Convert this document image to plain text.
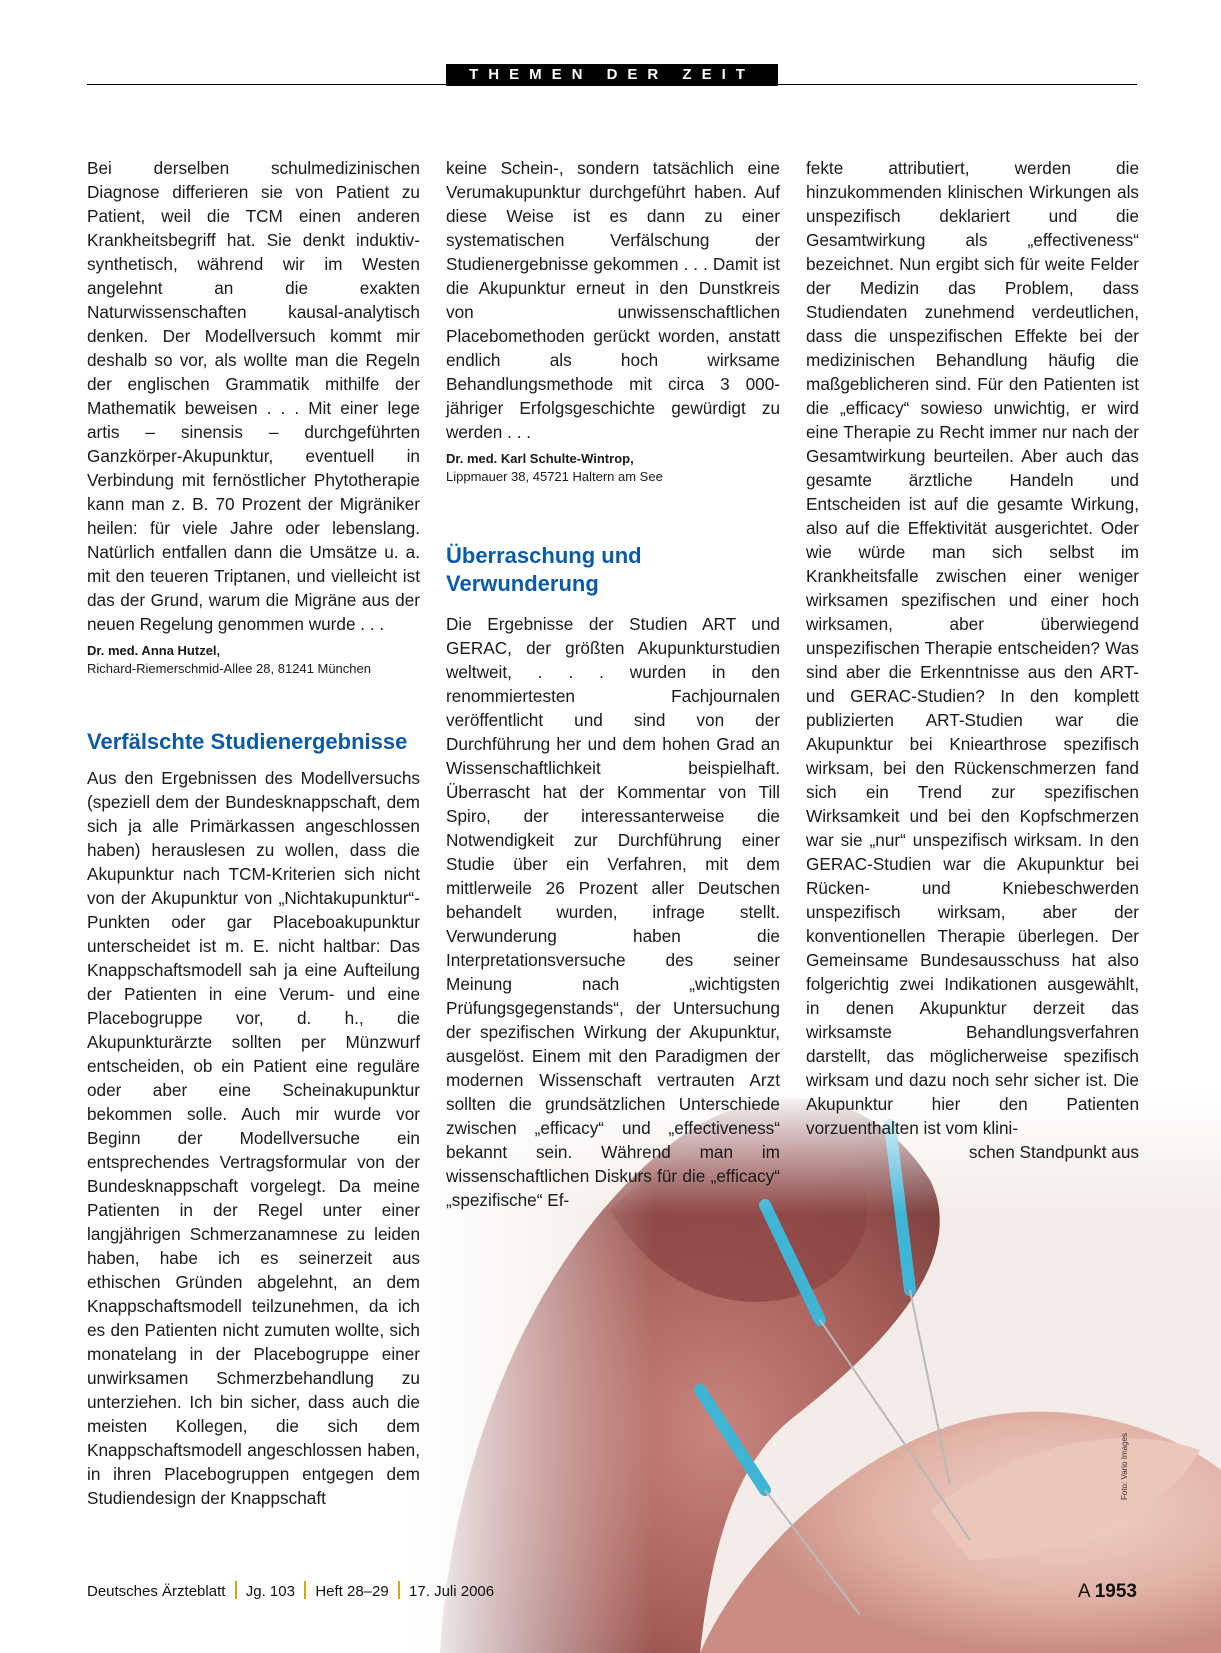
THEMEN DER ZEIT
Foto: Vario Images

Bei derselben schulmedizinischen Diagnose differieren sie von Patient zu Patient, weil die TCM einen anderen Krankheitsbegriff hat. Sie denkt induktiv-synthetisch, während wir im Westen angelehnt an die exakten Naturwissenschaften kausal-analytisch denken. Der Modellversuch kommt mir deshalb so vor, als wollte man die Regeln der englischen Grammatik mithilfe der Mathematik beweisen . . . Mit einer lege artis – sinensis – durchgeführten Ganzkörper-Akupunktur, eventuell in Verbindung mit fernöstlicher Phytotherapie kann man z. B. 70 Prozent der Migräniker heilen: für viele Jahre oder lebenslang. Natürlich entfallen dann die Umsätze u. a. mit den teueren Triptanen, und vielleicht ist das der Grund, warum die Migräne aus der neuen Regelung genommen wurde . . .

Dr. med. Anna Hutzel,
Richard-Riemerschmid-Allee 28, 81241 München
Verfälschte Studienergebnisse

Aus den Ergebnissen des Modellversuchs (speziell dem der Bundesknappschaft, dem sich ja alle Primärkassen angeschlossen haben) herauslesen zu wollen, dass die Akupunktur nach TCM-Kriterien sich nicht von der Akupunktur von „Nichtakupunktur“-Punkten oder gar Placeboakupunktur unterscheidet ist m. E. nicht haltbar: Das Knappschaftsmodell sah ja eine Aufteilung der Patienten in eine Verum- und eine Placebogruppe vor, d. h., die Akupunkturärzte sollten per Münzwurf entscheiden, ob ein Patient eine reguläre oder aber eine Scheinakupunktur bekommen solle. Auch mir wurde vor Beginn der Modellversuche ein entsprechendes Vertragsformular von der Bundesknappschaft vorgelegt. Da meine Patienten in der Regel unter einer langjährigen Schmerzanamnese zu leiden haben, habe ich es seinerzeit aus ethischen Gründen abgelehnt, an dem Knappschaftsmodell teilzunehmen, da ich es den Patienten nicht zumuten wollte, sich monatelang in der Placebogruppe einer unwirksamen Schmerzbehandlung zu unterziehen. Ich bin sicher, dass auch die meisten Kollegen, die sich dem Knappschaftsmodell angeschlossen haben, in ihren Placebogruppen entgegen dem Studiendesign der Knappschaft

keine Schein-, sondern tatsächlich eine Verumakupunktur durchgeführt haben. Auf diese Weise ist es dann zu einer systematischen Verfälschung der Studienergebnisse gekommen . . . Damit ist die Akupunktur erneut in den Dunstkreis von unwissenschaftlichen Placebomethoden gerückt worden, anstatt endlich als hoch wirksame Behandlungsmethode mit circa 3 000-jähriger Erfolgsgeschichte gewürdigt zu werden . . .

Dr. med. Karl Schulte-Wintrop,
Lippmauer 38, 45721 Haltern am See
Überraschung und Verwunderung

Die Ergebnisse der Studien ART und GERAC, der größten Akupunkturstudien weltweit, . . . wurden in den renommiertesten Fachjournalen veröffentlicht und sind von der Durchführung her und dem hohen Grad an Wissenschaftlichkeit beispielhaft. Überrascht hat der Kommentar von Till Spiro, der interessanterweise die Notwendigkeit zur Durchführung einer Studie über ein Verfahren, mit dem mittlerweile 26 Prozent aller Deutschen behandelt wurden, infrage stellt. Verwunderung haben die Interpretationsversuche des seiner Meinung nach „wichtigsten Prüfungsgegenstands“, der Untersuchung der spezifischen Wirkung der Akupunktur, ausgelöst. Einem mit den Paradigmen der modernen Wissenschaft vertrauten Arzt sollten die grundsätzlichen Unterschiede zwischen „efficacy“ und „effectiveness“ bekannt sein. Während man im wissenschaftlichen Diskurs für die „efficacy“ „spezifische“ Ef-

fekte attributiert, werden die hinzukommenden klinischen Wirkungen als unspezifisch deklariert und die Gesamtwirkung als „effectiveness“ bezeichnet. Nun ergibt sich für weite Felder der Medizin das Problem, dass Studiendaten zunehmend verdeutlichen, dass die unspezifischen Effekte bei der medizinischen Behandlung häufig die maßgeblicheren sind. Für den Patienten ist die „efficacy“ sowieso unwichtig, er wird eine Therapie zu Recht immer nur nach der Gesamtwirkung beurteilen. Aber auch das gesamte ärztliche Handeln und Entscheiden ist auf die gesamte Wirkung, also auf die Effektivität ausgerichtet. Oder wie würde man sich selbst im Krankheitsfalle zwischen einer weniger wirksamen spezifischen und einer hoch wirksamen, aber überwiegend unspezifischen Therapie entscheiden? Was sind aber die Erkenntnisse aus den ART- und GERAC-Studien? In den komplett publizierten ART-Studien war die Akupunktur bei Kniearthrose spezifisch wirksam, bei den Rückenschmerzen fand sich ein Trend zur spezifischen Wirksamkeit und bei den Kopfschmerzen war sie „nur“ unspezifisch wirksam. In den GERAC-Studien war die Akupunktur bei Rücken- und Kniebeschwerden unspezifisch wirksam, aber der konventionellen Therapie überlegen. Der Gemeinsame Bundesausschuss hat also folgerichtig zwei Indikationen ausgewählt, in denen Akupunktur derzeit das wirksamste Behandlungsverfahren darstellt, das möglicherweise spezifisch wirksam und dazu noch sehr sicher ist. Die Akupunktur hier den Patienten vorzuenthalten ist vom klini-

schen Standpunkt aus

Deutsches Ärzteblatt Jg. 103 Heft 28–29 17. Juli 2006	A 1953
